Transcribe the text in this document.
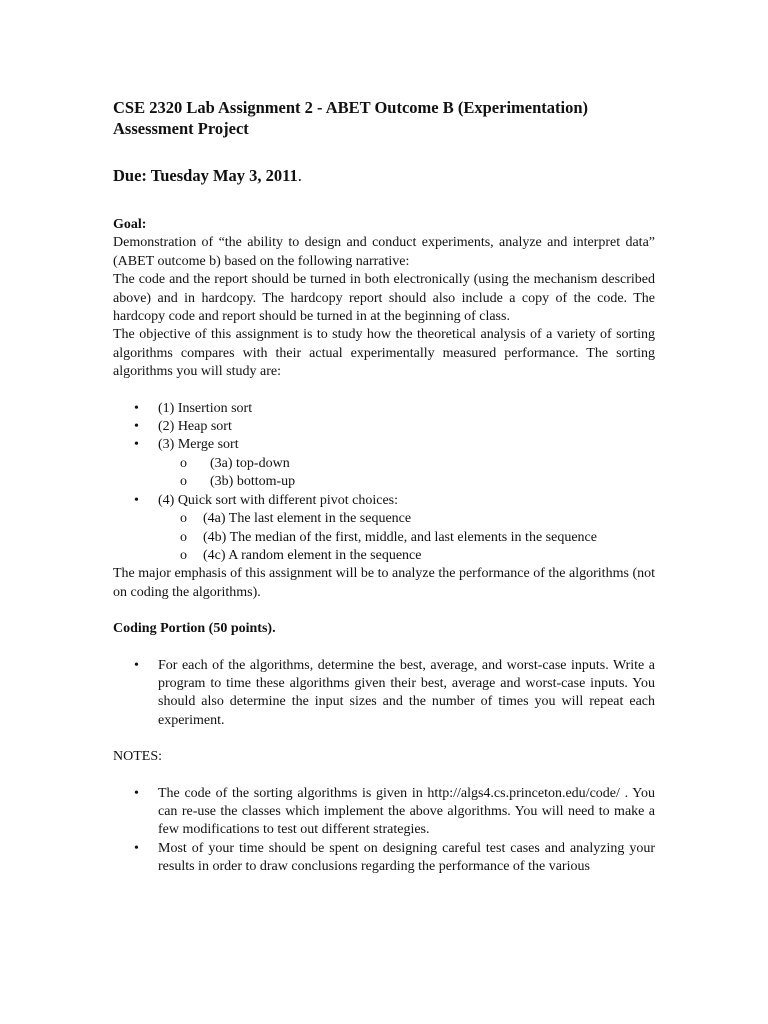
CSE 2320 Lab Assignment 2 - ABET Outcome B (Experimentation)
Assessment Project

Due: Tuesday May 3, 2011.

Goal:

Demonstration of “the ability to design and conduct experiments, analyze and interpret data” (ABET outcome b) based on the following narrative:

The code and the report should be turned in both electronically (using the mechanism described above) and in hardcopy. The hardcopy report should also include a copy of the code. The hardcopy code and report should be turned in at the beginning of class.

The objective of this assignment is to study how the theoretical analysis of a variety of sorting algorithms compares with their actual experimentally measured performance. The sorting algorithms you will study are:

• (1) Insertion sort
• (2) Heap sort
• (3) Merge sort
o (3a) top-down
o (3b) bottom-up
• (4) Quick sort with different pivot choices:
o (4a) The last element in the sequence
o (4b) The median of the first, middle, and last elements in the sequence
o (4c) A random element in the sequence

The major emphasis of this assignment will be to analyze the performance of the algorithms (not on coding the algorithms).

Coding Portion (50 points).

• For each of the algorithms, determine the best, average, and worst-case inputs. Write a program to time these algorithms given their best, average and worst-case inputs. You should also determine the input sizes and the number of times you will repeat each experiment.

NOTES:

• The code of the sorting algorithms is given in http://algs4.cs.princeton.edu/code/ . You can re-use the classes which implement the above algorithms. You will need to make a few modifications to test out different strategies.
• Most of your time should be spent on designing careful test cases and analyzing your results in order to draw conclusions regarding the performance of the various
